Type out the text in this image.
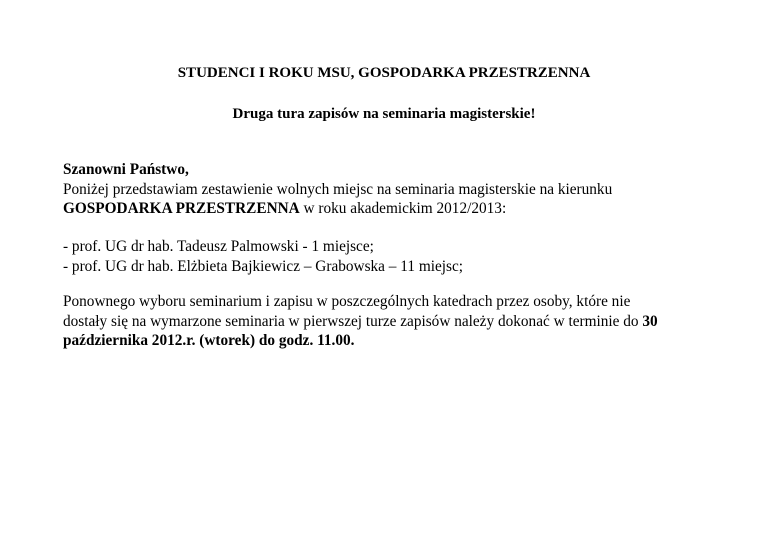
STUDENCI I ROKU MSU, GOSPODARKA PRZESTRZENNA
Druga tura zapisów na seminaria magisterskie!
Szanowni Państwo,
Poniżej przedstawiam zestawienie wolnych miejsc na seminaria magisterskie na kierunku
GOSPODARKA PRZESTRZENNA w roku akademickim 2012/2013:
- prof. UG dr hab. Tadeusz Palmowski - 1 miejsce;
- prof. UG dr hab. Elżbieta Bajkiewicz – Grabowska – 11 miejsc;
Ponownego wyboru seminarium i zapisu w poszczególnych katedrach przez osoby, które nie
dostały się na wymarzone seminaria w pierwszej turze zapisów należy dokonać w terminie do 30
października 2012.r. (wtorek) do godz. 11.00.
